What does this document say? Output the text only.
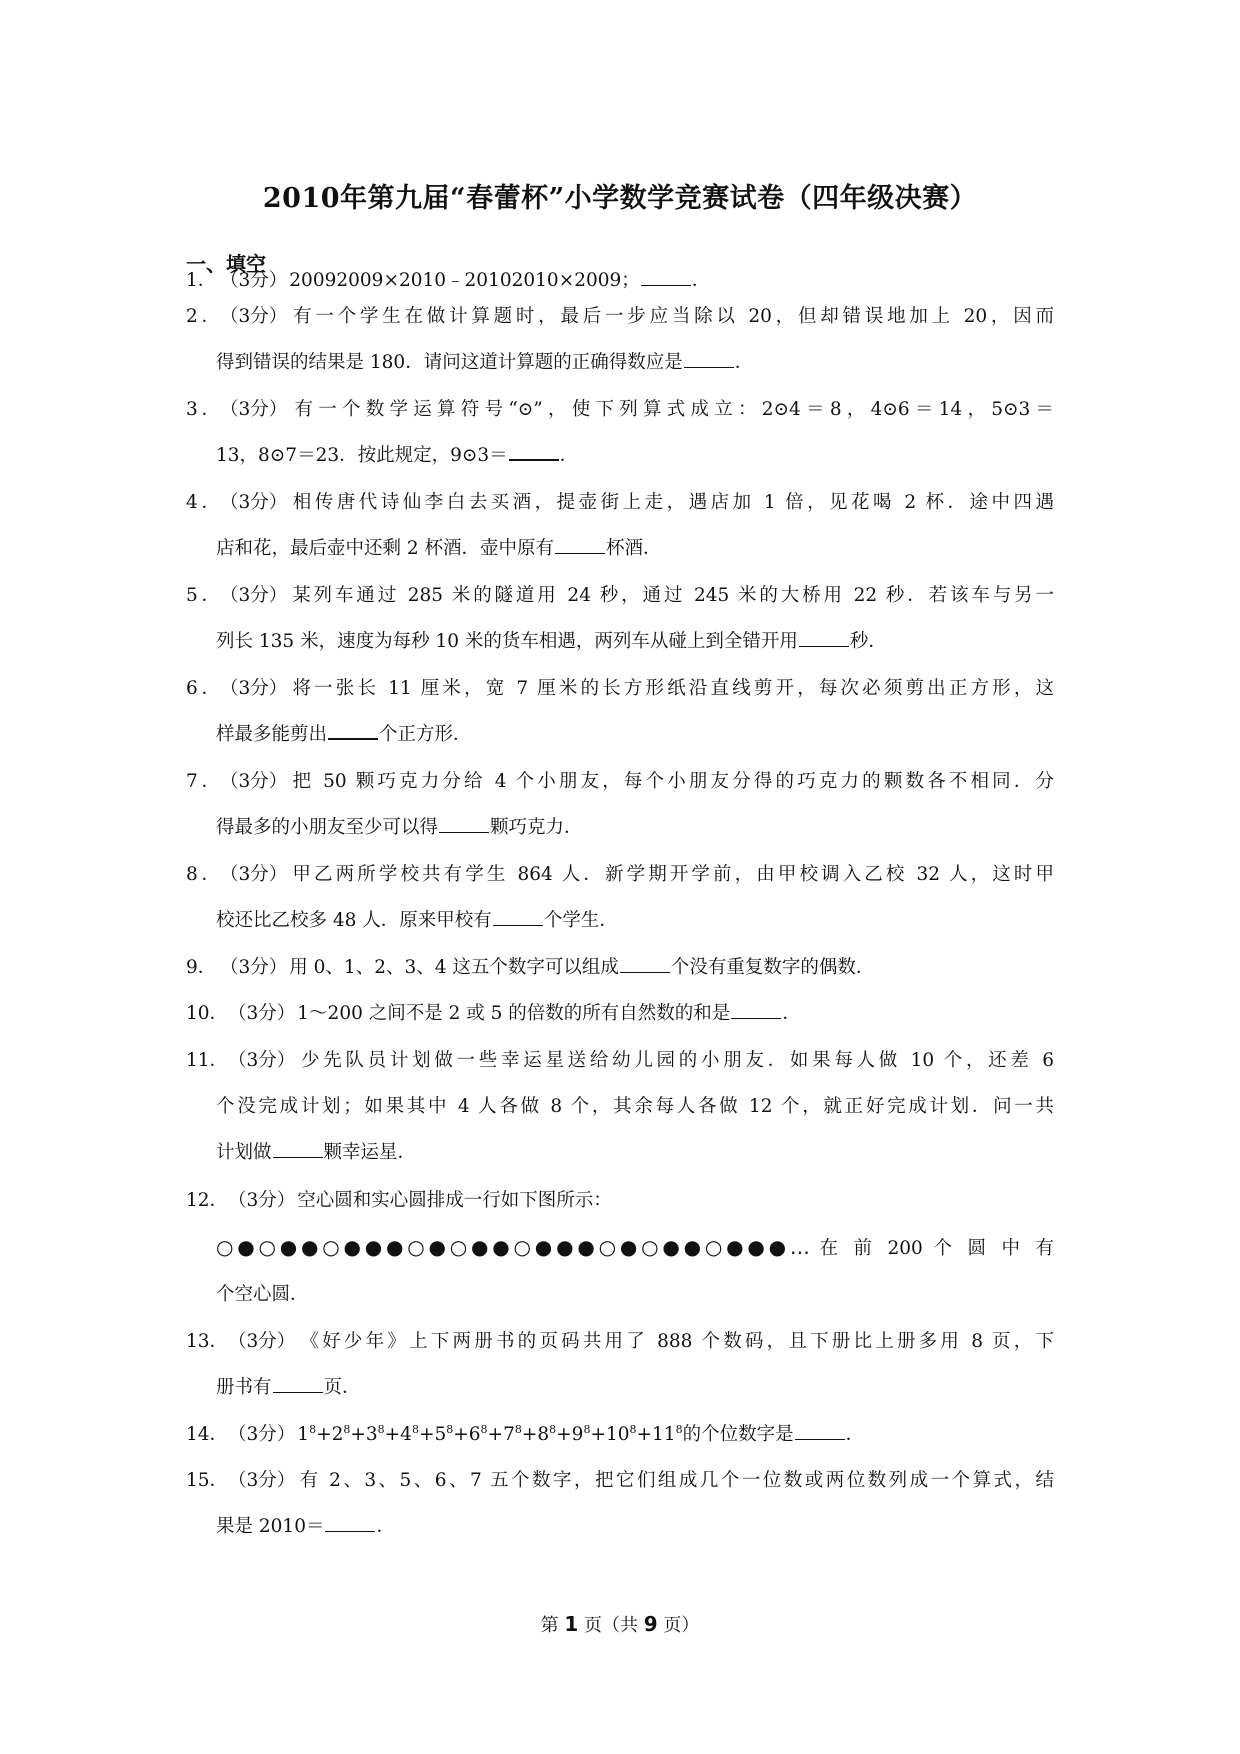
2010年第九届“春蕾杯”小学数学竞赛试卷（四年级决赛）
一、填空
1． （3分） 20092009×2010﹣20102010×2009；	．
2．（3分） 有一个学生在做计算题时，最后一步应当除以 20，但却错误地加上 20，因而
得到错误的结果是 180．请问这道计算题的正确得数应是	．
3．（3分） 有一个数学运算符号“⊙”，使下列算式成立：2⊙4＝8，4⊙6＝14，5⊙3＝
13，8⊙7＝23．按此规定，9⊙3＝	．
4．（3分） 相传唐代诗仙李白去买酒，提壶街上走，遇店加 1 倍，见花喝 2 杯．途中四遇
店和花，最后壶中还剩 2 杯酒．壶中原有	杯酒．
5．（3分） 某列车通过 285 米的隧道用 24 秒，通过 245 米的大桥用 22 秒．若该车与另一
列长 135 米，速度为每秒 10 米的货车相遇，两列车从碰上到全错开用	秒．
6．（3分） 将一张长 11 厘米，宽 7 厘米的长方形纸沿直线剪开，每次必须剪出正方形，这
样最多能剪出	个正方形．
7．（3分） 把 50 颗巧克力分给 4 个小朋友，每个小朋友分得的巧克力的颗数各不相同．分
得最多的小朋友至少可以得	颗巧克力．
8．（3分） 甲乙两所学校共有学生 864 人．新学期开学前，由甲校调入乙校 32 人，这时甲
校还比乙校多 48 人．原来甲校有	个学生．
9． （3分） 用 0、1、2、3、4 这五个数字可以组成	个没有重复数字的偶数．
10．（3分） 1～200 之间不是 2 或 5 的倍数的所有自然数的和是	．
11．（3分） 少先队员计划做一些幸运星送给幼儿园的小朋友．如果每人做 10 个，还差 6
个没完成计划；如果其中 4 人各做 8 个，其余每人各做 12 个，就正好完成计划．问一共
计划做	颗幸运星．
12．（3分） 空心圆和实心圆排成一行如下图所示：
○●○●●○●●●○●○●●○●●●○●○●●○●●●… 在 前 200 个 圆 中 有
个空心圆．
13．（3分） 《好少年》上下两册书的页码共用了 888 个数码，且下册比上册多用 8 页，下
册书有	页．
14．（3分） $1^8+2^8+3^8+4^8+5^8+6^8+7^8+8^8+9^8+10^8+11^8$的个位数字是	．
15．（3分） 有 2、3、5、6、7 五个数字，把它们组成几个一位数或两位数列成一个算式，结
果是 2010＝	．
第 1 页（共 9 页）
